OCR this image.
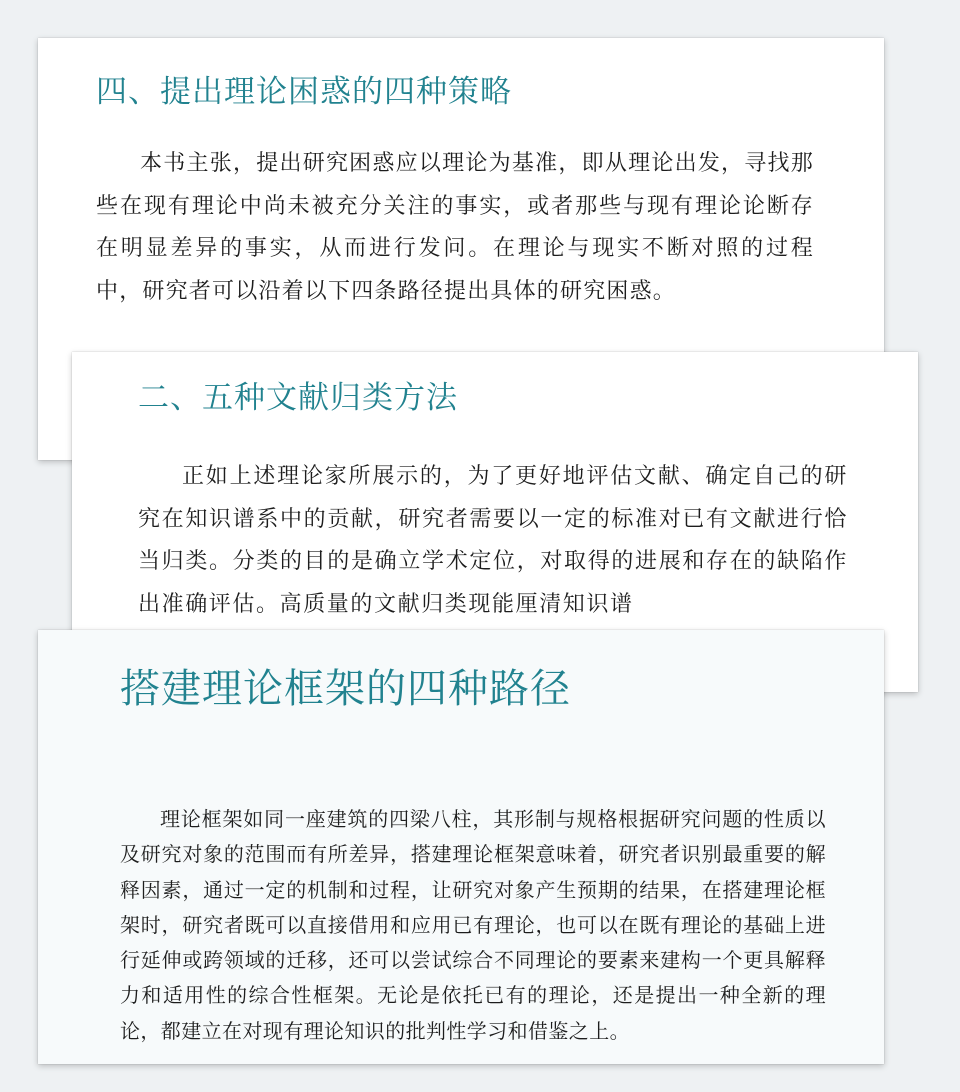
四、提出理论困惑的四种策略

本书主张，提出研究困惑应以理论为基准，即从理论出发，寻找那些在现有理论中尚未被充分关注的事实，或者那些与现有理论论断存在明显差异的事实，从而进行发问。在理论与现实不断对照的过程中，研究者可以沿着以下四条路径提出具体的研究困惑。

二、五种文献归类方法

正如上述理论家所展示的，为了更好地评估文献、确定自己的研究在知识谱系中的贡献，研究者需要以一定的标准对已有文献进行恰当归类。分类的目的是确立学术定位，对取得的进展和存在的缺陷作出准确评估。高质量的文献归类现能厘清知识谱

搭建理论框架的四种路径

理论框架如同一座建筑的四梁八柱，其形制与规格根据研究问题的性质以及研究对象的范围而有所差异，搭建理论框架意味着，研究者识别最重要的解释因素，通过一定的机制和过程，让研究对象产生预期的结果，在搭建理论框架时，研究者既可以直接借用和应用已有理论，也可以在既有理论的基础上进行延伸或跨领域的迁移，还可以尝试综合不同理论的要素来建构一个更具解释力和适用性的综合性框架。无论是依托已有的理论，还是提出一种全新的理论，都建立在对现有理论知识的批判性学习和借鉴之上。
